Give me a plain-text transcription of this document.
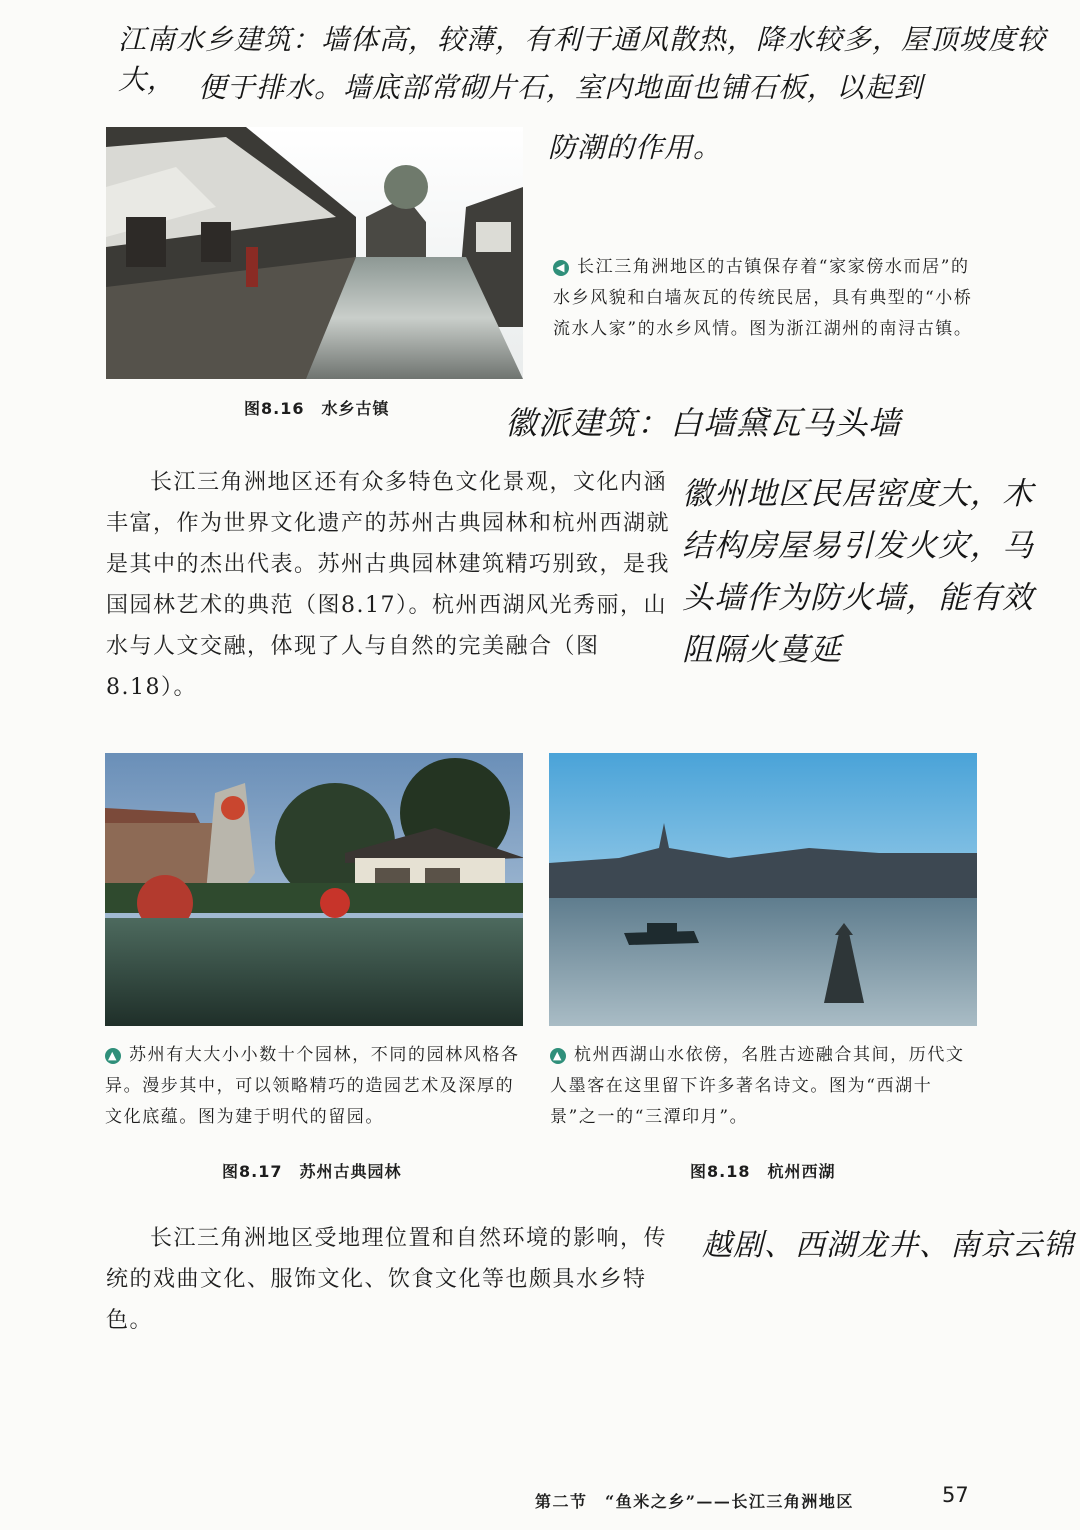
江南水乡建筑：墙体高，较薄，有利于通风散热，降水较多，屋顶坡度较大， 便于排水。墙底部常砌片石，室内地面也铺石板，以起到
防潮的作用。
◀ 长江三角洲地区的古镇保存着“家家傍水而居”的水乡风貌和白墙灰瓦的传统民居，具有典型的“小桥流水人家”的水乡风情。图为浙江湖州的南浔古镇。
图8.16　水乡古镇	徽派建筑：白墙黛瓦马头墙
徽州地区民居密度大，木结构房屋易引发火灾，马头墙作为防火墙，能有效阻隔火蔓延
长江三角洲地区还有众多特色文化景观，文化内涵丰富，作为世界文化遗产的苏州古典园林和杭州西湖就是其中的杰出代表。苏州古典园林建筑精巧别致，是我国园林艺术的典范（图8.17）。杭州西湖风光秀丽，山水与人文交融，体现了人与自然的完美融合（图8.18）。
▲ 苏州有大大小小数十个园林，不同的园林风格各异。漫步其中，可以领略精巧的造园艺术及深厚的文化底蕴。图为建于明代的留园。
▲ 杭州西湖山水依傍，名胜古迹融合其间，历代文人墨客在这里留下许多著名诗文。图为“西湖十景”之一的“三潭印月”。
图8.17　苏州古典园林	图8.18　杭州西湖
长江三角洲地区受地理位置和自然环境的影响，传统的戏曲文化、服饰文化、饮食文化等也颇具水乡特色。
越剧、西湖龙井、南京云锦
第二节　“鱼米之乡”——长江三角洲地区	57
